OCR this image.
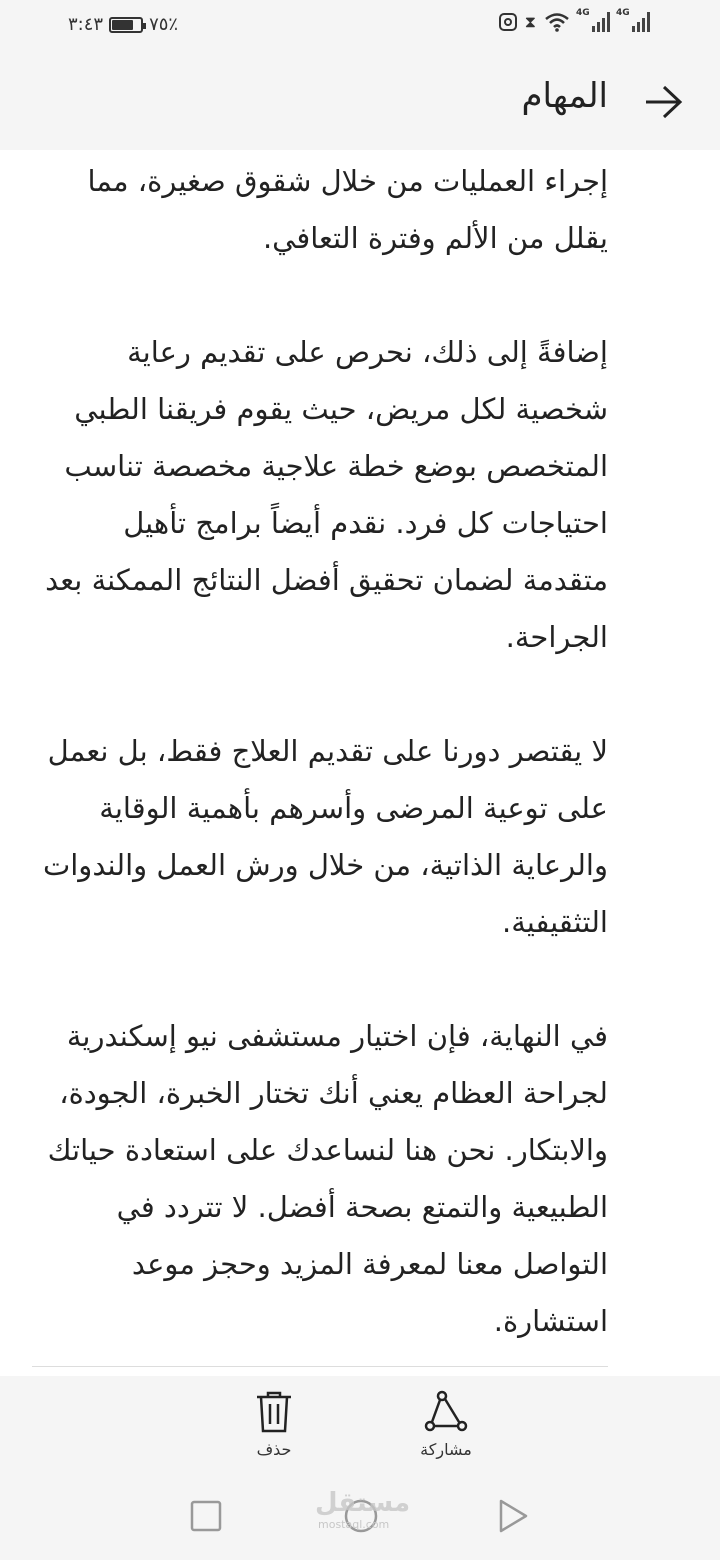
٣:٤٣	٧٥٪	⧗	4G	4G
المهام

إجراء العمليات من خلال شقوق صغيرة، مما يقلل من الألم وفترة التعافي.

إضافةً إلى ذلك، نحرص على تقديم رعاية شخصية لكل مريض، حيث يقوم فريقنا الطبي المتخصص بوضع خطة علاجية مخصصة تناسب احتياجات كل فرد. نقدم أيضاً برامج تأهيل متقدمة لضمان تحقيق أفضل النتائج الممكنة بعد الجراحة.

لا يقتصر دورنا على تقديم العلاج فقط، بل نعمل على توعية المرضى وأسرهم بأهمية الوقاية والرعاية الذاتية، من خلال ورش العمل والندوات التثقيفية.

في النهاية، فإن اختيار مستشفى نيو إسكندرية لجراحة العظام يعني أنك تختار الخبرة، الجودة، والابتكار. نحن هنا لنساعدك على استعادة حياتك الطبيعية والتمتع بصحة أفضل. لا تتردد في التواصل معنا لمعرفة المزيد وحجز موعد استشارة.

حذف	مشاركة
مستقل
mostaql.com
